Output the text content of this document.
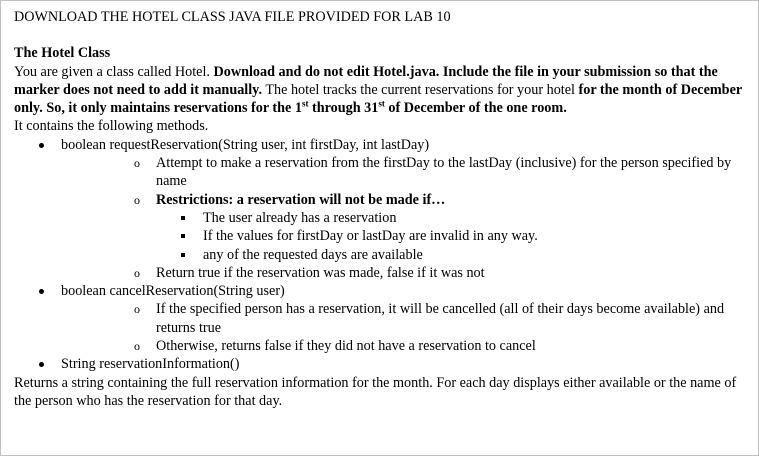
DOWNLOAD THE HOTEL CLASS JAVA FILE PROVIDED FOR LAB 10

The Hotel Class

You are given a class called Hotel. Download and do not edit Hotel.java. Include the file in your submission so that the marker does not need to add it manually. The hotel tracks the current reservations for your hotel for the month of December only. So, it only maintains reservations for the 1st through 31st of December of the one room.

It contains the following methods.

boolean requestReservation(String user, int firstDay, int lastDay)
o Attempt to make a reservation from the firstDay to the lastDay (inclusive) for the person specified by name
o Restrictions: a reservation will not be made if…
The user already has a reservation
If the values for firstDay or lastDay are invalid in any way.
any of the requested days are available
o Return true if the reservation was made, false if it was not
boolean cancelReservation(String user)
o If the specified person has a reservation, it will be cancelled (all of their days become available) and returns true
o Otherwise, returns false if they did not have a reservation to cancel
String reservationInformation()

Returns a string containing the full reservation information for the month. For each day displays either available or the name of the person who has the reservation for that day.
